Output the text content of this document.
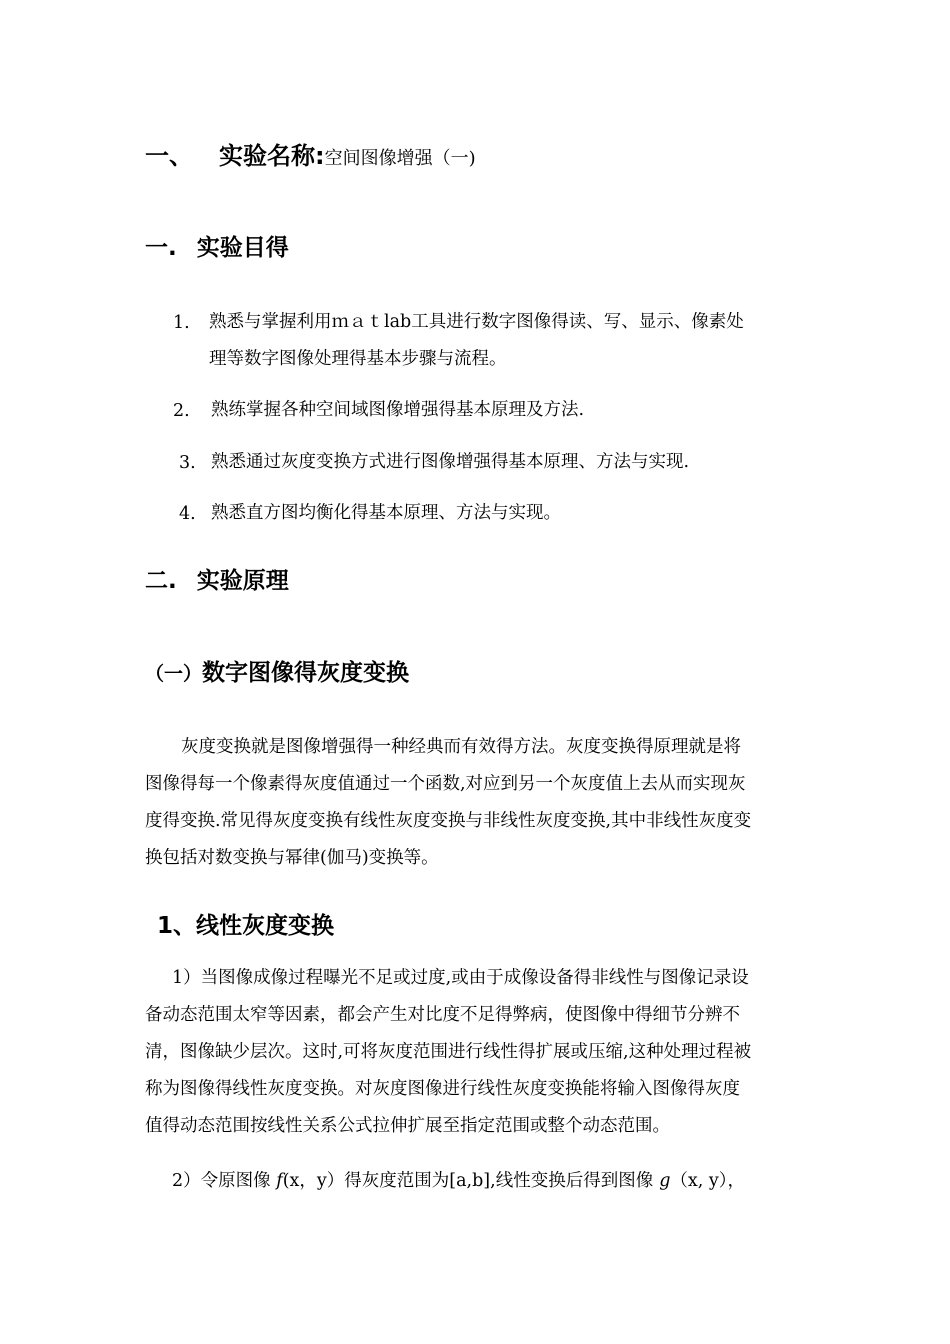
一、 实验名称:空间图像增强（一)
一. 实验目得
1. 熟悉与掌握利用ｍａｔlab工具进行数字图像得读、写、显示、像素处
理等数字图像处理得基本步骤与流程。
2. 熟练掌握各种空间域图像增强得基本原理及方法.
3. 熟悉通过灰度变换方式进行图像增强得基本原理、方法与实现.
4. 熟悉直方图均衡化得基本原理、方法与实现。
二. 实验原理
（一）数字图像得灰度变换
灰度变换就是图像增强得一种经典而有效得方法。灰度变换得原理就是将
图像得每一个像素得灰度值通过一个函数,对应到另一个灰度值上去从而实现灰
度得变换.常见得灰度变换有线性灰度变换与非线性灰度变换,其中非线性灰度变
换包括对数变换与幂律(伽马)变换等。
1、线性灰度变换
1）当图像成像过程曝光不足或过度,或由于成像设备得非线性与图像记录设
备动态范围太窄等因素，都会产生对比度不足得弊病，使图像中得细节分辨不
清，图像缺少层次。这时,可将灰度范围进行线性得扩展或压缩,这种处理过程被
称为图像得线性灰度变换。对灰度图像进行线性灰度变换能将输入图像得灰度
值得动态范围按线性关系公式拉伸扩展至指定范围或整个动态范围。
2）令原图像 f(x，y）得灰度范围为[a,b],线性变换后得到图像 g（x, y），
